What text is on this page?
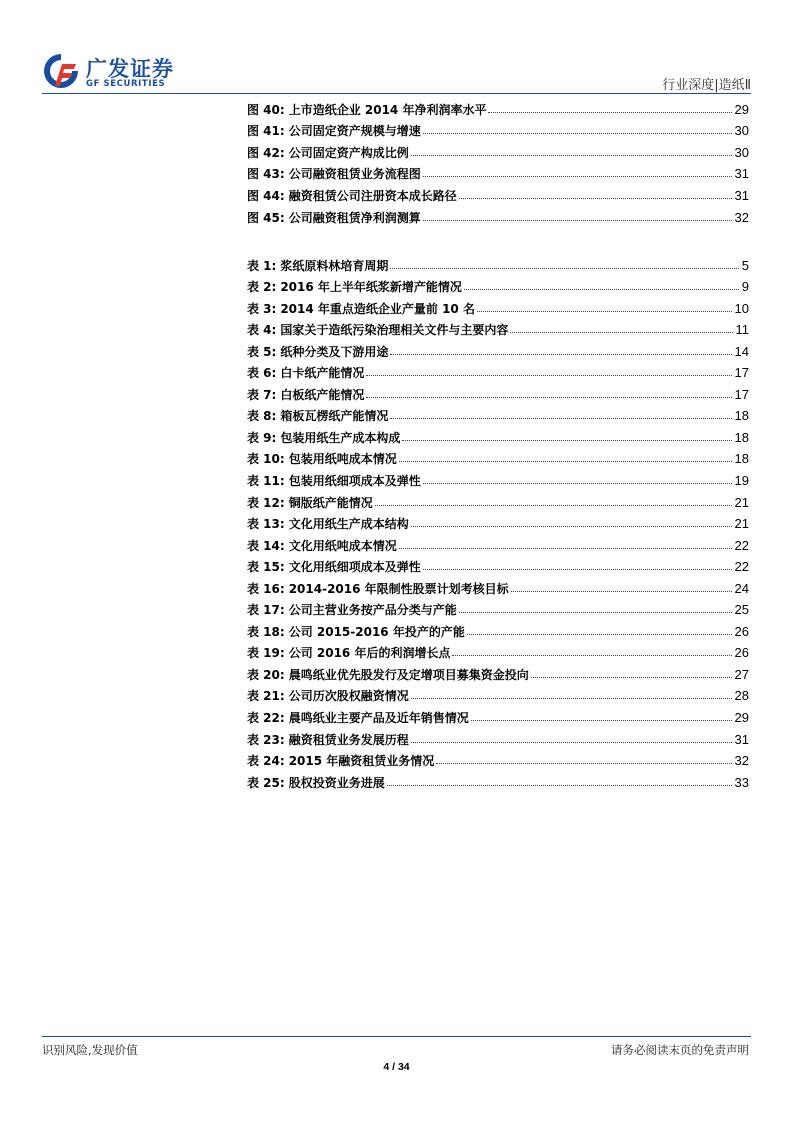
广发证券
GF SECURITIES	行业深度|造纸Ⅱ
图 40: 上市造纸企业 2014 年净利润率水平	29
图 41: 公司固定资产规模与增速	30
图 42: 公司固定资产构成比例	30
图 43: 公司融资租赁业务流程图	31
图 44: 融资租赁公司注册资本成长路径	31
图 45: 公司融资租赁净利润测算	32
表 1: 浆纸原料林培育周期	5
表 2: 2016 年上半年纸浆新增产能情况	9
表 3: 2014 年重点造纸企业产量前 10 名	10
表 4: 国家关于造纸污染治理相关文件与主要内容	11
表 5: 纸种分类及下游用途	14
表 6: 白卡纸产能情况	17
表 7: 白板纸产能情况	17
表 8: 箱板瓦楞纸产能情况	18
表 9: 包装用纸生产成本构成	18
表 10: 包装用纸吨成本情况	18
表 11: 包装用纸细项成本及弹性	19
表 12: 铜版纸产能情况	21
表 13: 文化用纸生产成本结构	21
表 14: 文化用纸吨成本情况	22
表 15: 文化用纸细项成本及弹性	22
表 16: 2014-2016 年限制性股票计划考核目标	24
表 17: 公司主营业务按产品分类与产能	25
表 18: 公司 2015-2016 年投产的产能	26
表 19: 公司 2016 年后的利润增长点	26
表 20: 晨鸣纸业优先股发行及定增项目募集资金投向	27
表 21: 公司历次股权融资情况	28
表 22: 晨鸣纸业主要产品及近年销售情况	29
表 23: 融资租赁业务发展历程	31
表 24: 2015 年融资租赁业务情况	32
表 25: 股权投资业务进展	33
识别风险,发现价值	请务必阅读末页的免责声明
4 / 34
